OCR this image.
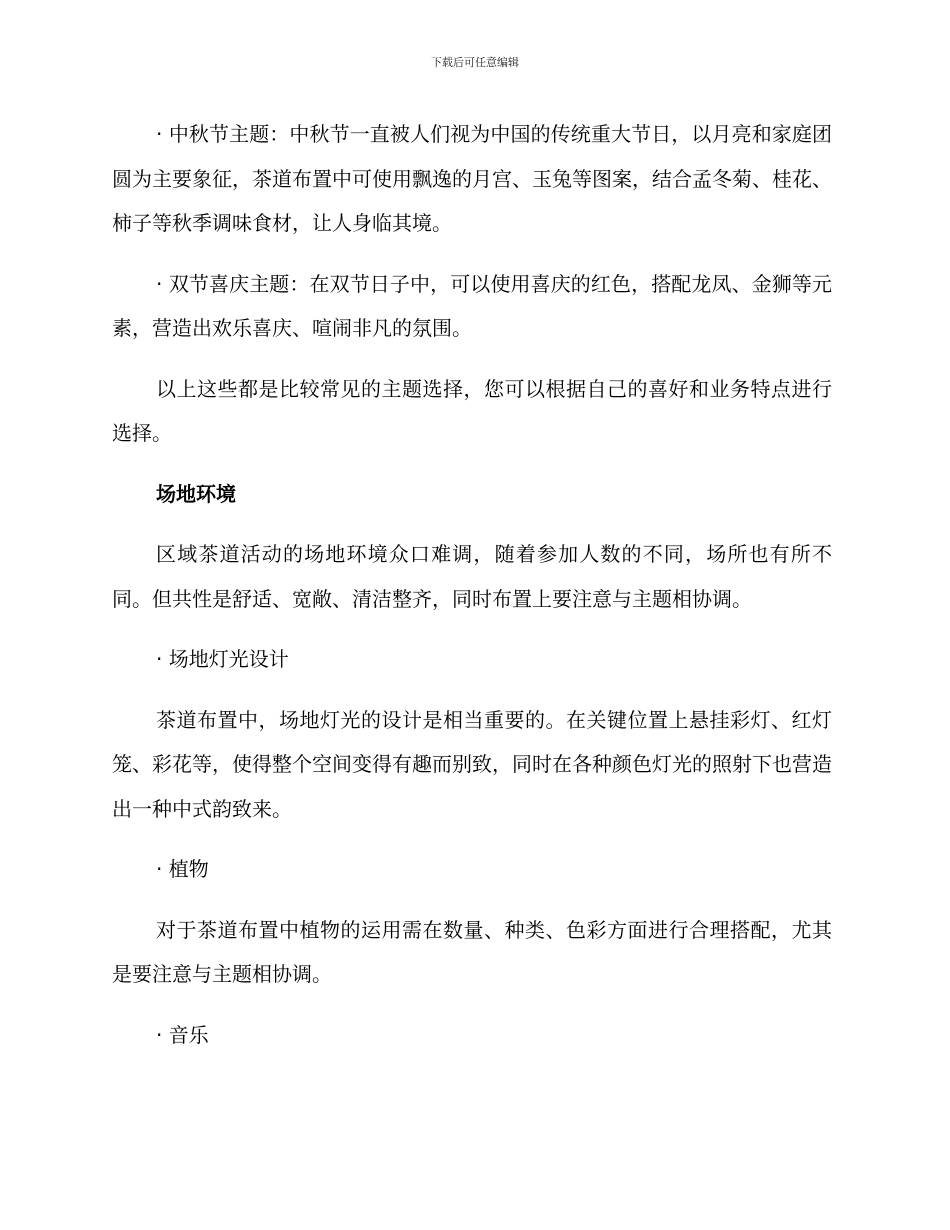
下载后可任意编辑

· 中秋节主题：中秋节一直被人们视为中国的传统重大节日，以月亮和家庭团圆为主要象征，茶道布置中可使用飘逸的月宫、玉兔等图案，结合孟冬菊、桂花、柿子等秋季调味食材，让人身临其境。

· 双节喜庆主题：在双节日子中，可以使用喜庆的红色，搭配龙凤、金狮等元素，营造出欢乐喜庆、喧闹非凡的氛围。

以上这些都是比较常见的主题选择，您可以根据自己的喜好和业务特点进行选择。

场地环境

区域茶道活动的场地环境众口难调，随着参加人数的不同，场所也有所不同。但共性是舒适、宽敞、清洁整齐，同时布置上要注意与主题相协调。

· 场地灯光设计

茶道布置中，场地灯光的设计是相当重要的。在关键位置上悬挂彩灯、红灯笼、彩花等，使得整个空间变得有趣而别致，同时在各种颜色灯光的照射下也营造出一种中式韵致来。

· 植物

对于茶道布置中植物的运用需在数量、种类、色彩方面进行合理搭配，尤其是要注意与主题相协调。

· 音乐
